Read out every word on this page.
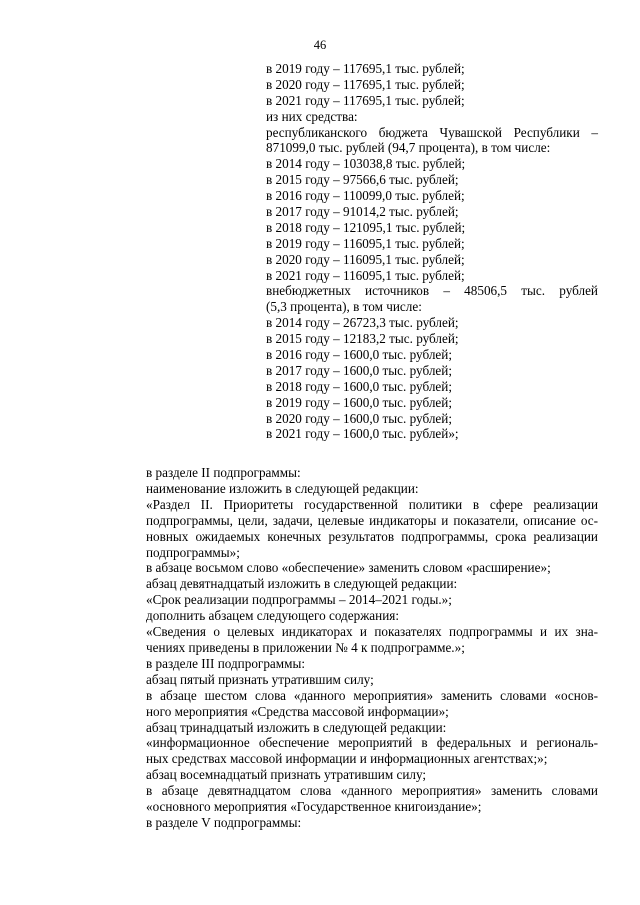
46
в 2019 году – 117695,1 тыс. рублей;
в 2020 году – 117695,1 тыс. рублей;
в 2021 году – 117695,1 тыс. рублей;
из них средства:
республиканского бюджета Чувашской Республики –
871099,0 тыс. рублей (94,7 процента), в том числе:
в 2014 году – 103038,8 тыс. рублей;
в 2015 году – 97566,6 тыс. рублей;
в 2016 году – 110099,0 тыс. рублей;
в 2017 году – 91014,2 тыс. рублей;
в 2018 году – 121095,1 тыс. рублей;
в 2019 году – 116095,1 тыс. рублей;
в 2020 году – 116095,1 тыс. рублей;
в 2021 году – 116095,1 тыс. рублей;
внебюджетных источников – 48506,5 тыс. рублей
(5,3 процента), в том числе:
в 2014 году – 26723,3 тыс. рублей;
в 2015 году – 12183,2 тыс. рублей;
в 2016 году – 1600,0 тыс. рублей;
в 2017 году – 1600,0 тыс. рублей;
в 2018 году – 1600,0 тыс. рублей;
в 2019 году – 1600,0 тыс. рублей;
в 2020 году – 1600,0 тыс. рублей;
в 2021 году – 1600,0 тыс. рублей»;

в разделе II подпрограммы:

наименование изложить в следующей редакции:

«Раздел II. Приоритеты государственной политики в сфере реализации
подпрограммы, цели, задачи, целевые индикаторы и показатели, описание ос-
новных ожидаемых конечных результатов подпрограммы, срока реализации
подпрограммы»;

в абзаце восьмом слово «обеспечение» заменить словом «расширение»;

абзац девятнадцатый изложить в следующей редакции:

«Срок реализации подпрограммы – 2014–2021 годы.»;

дополнить абзацем следующего содержания:

«Сведения о целевых индикаторах и показателях подпрограммы и их зна-
чениях приведены в приложении № 4 к подпрограмме.»;

в разделе III подпрограммы:

абзац пятый признать утратившим силу;

в абзаце шестом слова «данного мероприятия» заменить словами «основ-
ного мероприятия «Средства массовой информации»;

абзац тринадцатый изложить в следующей редакции:

«информационное обеспечение мероприятий в федеральных и региональ-
ных средствах массовой информации и информационных агентствах;»;

абзац восемнадцатый признать утратившим силу;

в абзаце девятнадцатом слова «данного мероприятия» заменить словами
«основного мероприятия «Государственное книгоиздание»;

в разделе V подпрограммы:
